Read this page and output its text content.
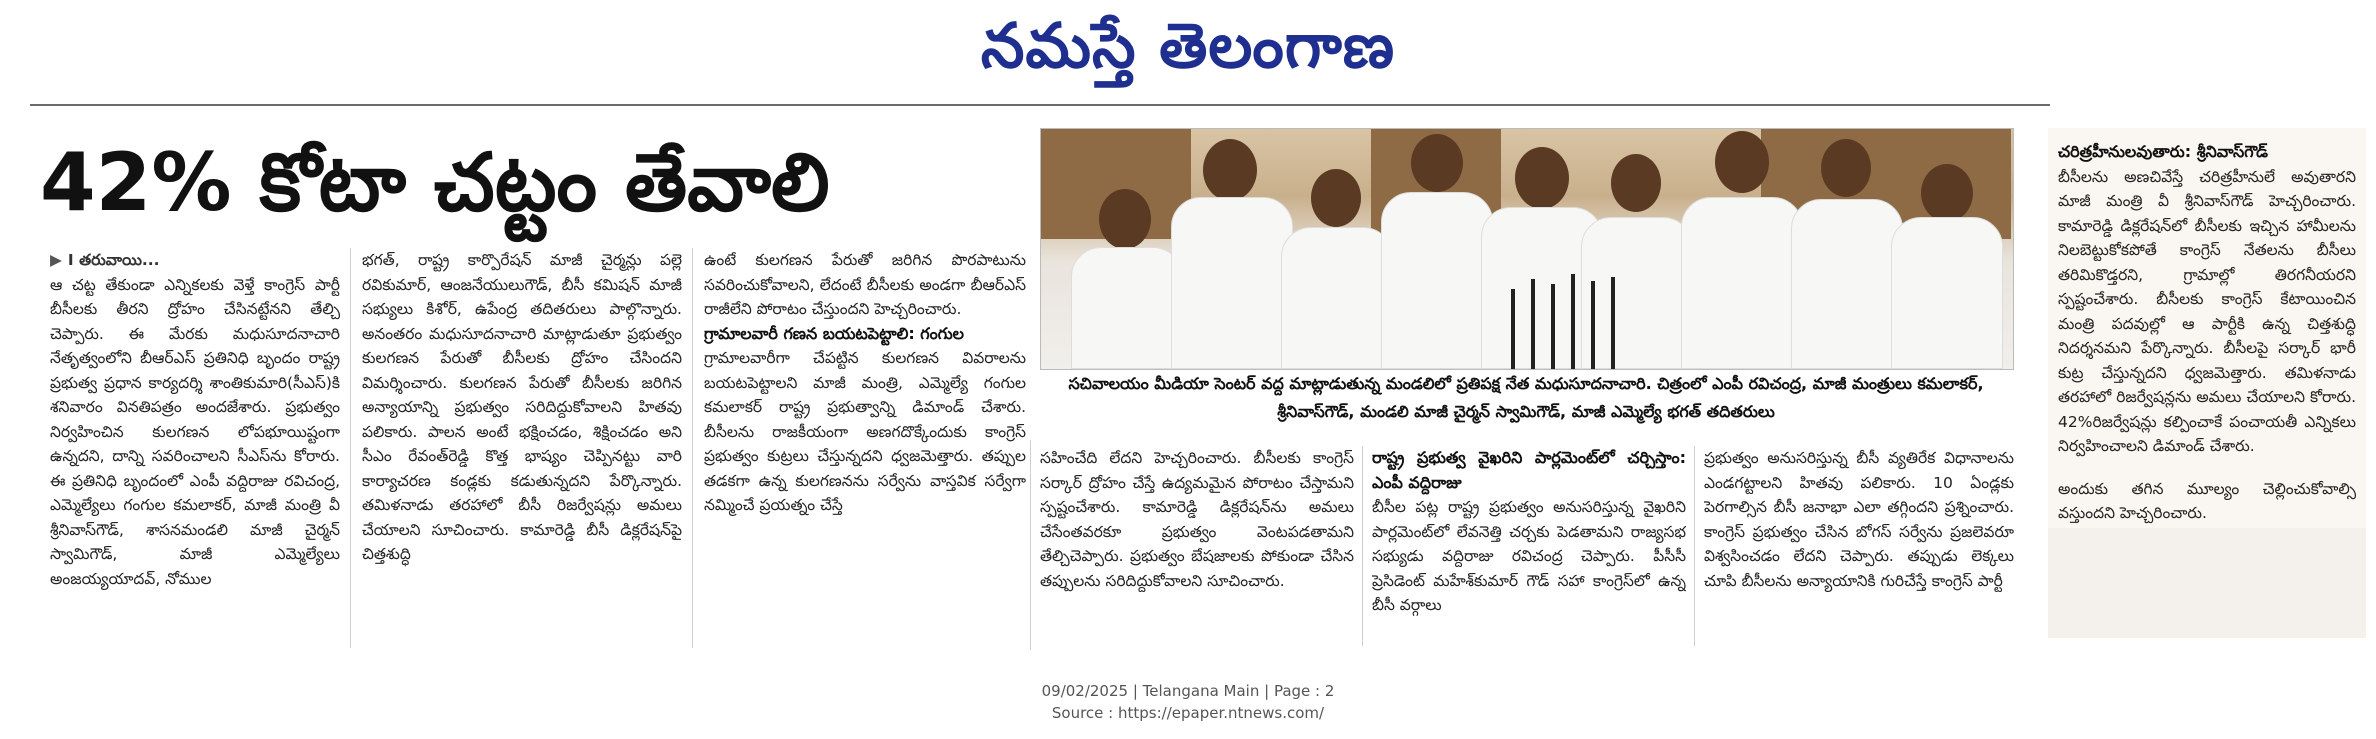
నమస్తే తెలంగాణ
42% కోటా చట్టం తేవాలి

▶ I తరువాయి...

ఆ చట్ట తేకుండా ఎన్నికలకు వెళ్తే కాంగ్రెస్ పార్టీ బీసీలకు తీరని ద్రోహం చేసినట్టేనని తేల్చి చెప్పారు. ఈ మేరకు మధుసూదనాచారి నేతృత్వంలోని బీఆర్ఎస్ ప్రతినిధి బృందం రాష్ట్ర ప్రభుత్వ ప్రధాన కార్యదర్శి శాంతికుమారి(సీఎస్)కి శనివారం వినతిపత్రం అందజేశారు. ప్రభుత్వం నిర్వహించిన కులగణన లోపభూయిష్టంగా ఉన్నదని, దాన్ని సవరించాలని సీఎస్‌ను కోరారు. ఈ ప్రతినిధి బృందంలో ఎంపీ వద్దిరాజు రవిచంద్ర, ఎమ్మెల్యేలు గంగుల కమలాకర్, మాజీ మంత్రి వీ శ్రీనివాస్‌గౌడ్, శాసనమండలి మాజీ చైర్మన్ స్వామిగౌడ్, మాజీ ఎమ్మెల్యేలు అంజయ్యయాదవ్, నోముల

భగత్, రాష్ట్ర కార్పొరేషన్ మాజీ చైర్మన్లు పల్లె రవికుమార్, ఆంజనేయులుగౌడ్, బీసీ కమిషన్ మాజీ సభ్యులు కిశోర్, ఉపేంద్ర తదితరులు పాల్గొన్నారు. అనంతరం మధుసూదనాచారి మాట్లాడుతూ ప్రభుత్వం కులగణన పేరుతో బీసీలకు ద్రోహం చేసిందని విమర్శించారు. కులగణన పేరుతో బీసీలకు జరిగిన అన్యాయాన్ని ప్రభుత్వం సరిదిద్దుకోవాలని హితవు పలికారు. పాలన అంటే భక్షించడం, శిక్షించడం అని సీఎం రేవంత్‌రెడ్డి కొత్త భాష్యం చెప్పినట్టు వారి కార్యాచరణ కండ్లకు కడుతున్నదని పేర్కొన్నారు. తమిళనాడు తరహాలో బీసీ రిజర్వేషన్లు అమలు చేయాలని సూచించారు. కామారెడ్డి బీసీ డిక్లరేషన్‌పై చిత్తశుద్ధి

ఉంటే కులగణన పేరుతో జరిగిన పొరపాటును సవరించుకోవాలని, లేదంటే బీసీలకు అండగా బీఆర్ఎస్ రాజీలేని పోరాటం చేస్తుందని హెచ్చరించారు.

గ్రామాలవారీ గణన బయటపెట్టాలి: గంగుల

గ్రామాలవారీగా చేపట్టిన కులగణన వివరాలను బయటపెట్టాలని మాజీ మంత్రి, ఎమ్మెల్యే గంగుల కమలాకర్ రాష్ట్ర ప్రభుత్వాన్ని డిమాండ్ చేశారు. బీసీలను రాజకీయంగా అణగదొక్కేందుకు కాంగ్రెస్ ప్రభుత్వం కుట్రలు చేస్తున్నదని ధ్వజమెత్తారు. తప్పుల తడకగా ఉన్న కులగణనను సర్వేను వాస్తవిక సర్వేగా నమ్మించే ప్రయత్నం చేస్తే

సచివాలయం మీడియా సెంటర్ వద్ద మాట్లాడుతున్న మండలిలో ప్రతిపక్ష నేత మధుసూదనాచారి. చిత్రంలో ఎంపీ రవిచంద్ర, మాజీ మంత్రులు కమలాకర్, శ్రీనివాస్‌గౌడ్, మండలి మాజీ చైర్మన్ స్వామిగౌడ్, మాజీ ఎమ్మెల్యే భగత్ తదితరులు

సహించేది లేదని హెచ్చరించారు. బీసీలకు కాంగ్రెస్ సర్కార్ ద్రోహం చేస్తే ఉద్యమమైన పోరాటం చేస్తామని స్పష్టంచేశారు. కామారెడ్డి డిక్లరేషన్‌ను అమలు చేసేంతవరకూ ప్రభుత్వం వెంటపడతామని తేల్చిచెప్పారు. ప్రభుత్వం బేషజాలకు పోకుండా చేసిన తప్పులను సరిదిద్దుకోవాలని సూచించారు.

రాష్ట్ర ప్రభుత్వ వైఖరిని పార్లమెంట్‌లో చర్చిస్తాం: ఎంపీ వద్దిరాజు

బీసీల పట్ల రాష్ట్ర ప్రభుత్వం అనుసరిస్తున్న వైఖరిని పార్లమెంట్‌లో లేవనెత్తి చర్చకు పెడతామని రాజ్యసభ సభ్యుడు వద్దిరాజు రవిచంద్ర చెప్పారు. పీసీసీ ప్రెసిడెంట్ మహేశ్‌కుమార్ గౌడ్ సహా కాంగ్రెస్‌లో ఉన్న బీసీ వర్గాలు

ప్రభుత్వం అనుసరిస్తున్న బీసీ వ్యతిరేక విధానాలను ఎండగట్టాలని హితవు పలికారు. 10 ఏండ్లకు పెరగాల్సిన బీసీ జనాభా ఎలా తగ్గిందని ప్రశ్నించారు. కాంగ్రెస్ ప్రభుత్వం చేసిన బోగస్ సర్వేను ప్రజలెవరూ విశ్వసించడం లేదని చెప్పారు. తప్పుడు లెక్కలు చూపి బీసీలను అన్యాయానికి గురిచేస్తే కాంగ్రెస్ పార్టీ

చరిత్రహీనులవుతారు: శ్రీనివాస్‌గౌడ్

బీసీలను అణచివేస్తే చరిత్రహీనులే అవుతారని మాజీ మంత్రి వీ శ్రీనివాస్‌గౌడ్ హెచ్చరించారు. కామారెడ్డి డిక్లరేషన్‌లో బీసీలకు ఇచ్చిన హామీలను నిలబెట్టుకోకపోతే కాంగ్రెస్ నేతలను బీసీలు తరిమికొడ్తరని, గ్రామాల్లో తిరగనీయరని స్పష్టంచేశారు. బీసీలకు కాంగ్రెస్ కేటాయించిన మంత్రి పదవుల్లో ఆ పార్టీకి ఉన్న చిత్తశుద్ధి నిదర్శనమని పేర్కొన్నారు. బీసీలపై సర్కార్ భారీ కుట్ర చేస్తున్నదని ధ్వజమెత్తారు. తమిళనాడు తరహాలో రిజర్వేషన్లను అమలు చేయాలని కోరారు. 42%రిజర్వేషన్లు కల్పించాకే పంచాయతీ ఎన్నికలు నిర్వహించాలని డిమాండ్ చేశారు.

అందుకు తగిన మూల్యం చెల్లించుకోవాల్సి వస్తుందని హెచ్చరించారు.

09/02/2025 | Telangana Main | Page : 2
Source : https://epaper.ntnews.com/
